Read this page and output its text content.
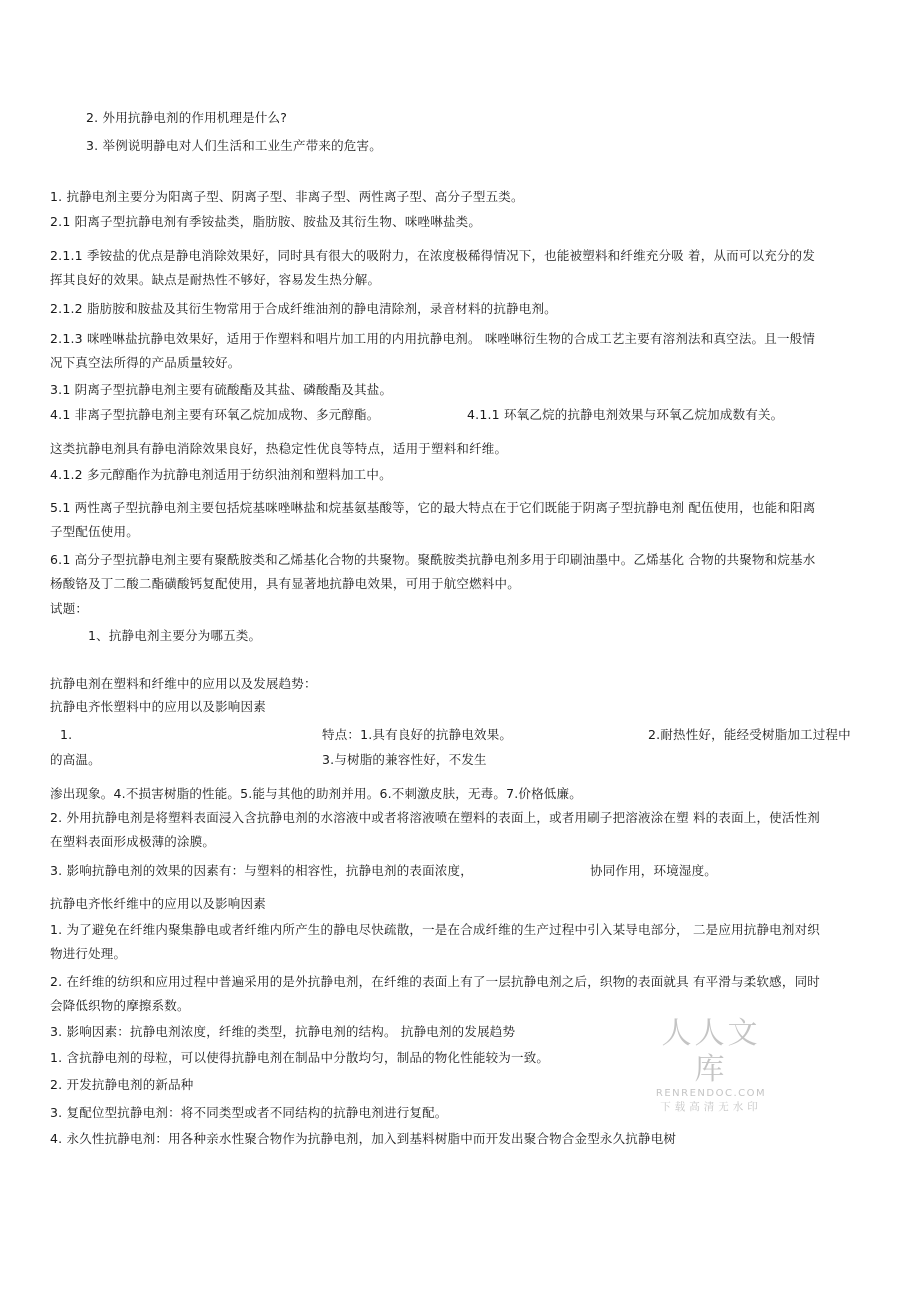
2. 外用抗静电剂的作用机理是什么?

3. 举例说明静电对人们生活和工业生产带来的危害。

1. 抗静电剂主要分为阳离子型、阴离子型、非离子型、两性离子型、高分子型五类。

2.1 阳离子型抗静电剂有季铵盐类，脂肪胺、胺盐及其衍生物、咪唑啉盐类。

2.1.1 季铵盐的优点是静电消除效果好，同时具有很大的吸附力，在浓度极稀得情况下，也能被塑料和纤维充分吸 着，从而可以充分的发

挥其良好的效果。缺点是耐热性不够好，容易发生热分解。

2.1.2 脂肪胺和胺盐及其衍生物常用于合成纤维油剂的静电清除剂，录音材料的抗静电剂。

2.1.3 咪唑啉盐抗静电效果好，适用于作塑料和唱片加工用的内用抗静电剂。 咪唑啉衍生物的合成工艺主要有溶剂法和真空法。且一般情

况下真空法所得的产品质量较好。

3.1 阴离子型抗静电剂主要有硫酸酯及其盐、磷酸酯及其盐。

4.1 非离子型抗静电剂主要有环氧乙烷加成物、多元醇酯。	4.1.1 环氧乙烷的抗静电剂效果与环氧乙烷加成数有关。

这类抗静电剂具有静电消除效果良好，热稳定性优良等特点，适用于塑料和纤维。

4.1.2 多元醇酯作为抗静电剂适用于纺织油剂和塑料加工中。

5.1 两性离子型抗静电剂主要包括烷基咪唑啉盐和烷基氨基酸等，它的最大特点在于它们既能于阴离子型抗静电剂 配伍使用，也能和阳离

子型配伍使用。

6.1 高分子型抗静电剂主要有聚酰胺类和乙烯基化合物的共聚物。聚酰胺类抗静电剂多用于印刷油墨中。乙烯基化 合物的共聚物和烷基水

杨酸铬及丁二酸二酯磺酸钙复配使用，具有显著地抗静电效果，可用于航空燃料中。

试题：

1、抗静电剂主要分为哪五类。

抗静电剂在塑料和纤维中的应用以及发展趋势：

抗静电齐怅塑料中的应用以及影响因素

1.	特点：1.具有良好的抗静电效果。	2.耐热性好，能经受树脂加工过程中

的高温。	3.与树脂的兼容性好，不发生

渗出现象。4.不损害树脂的性能。5.能与其他的助剂并用。6.不刺激皮肤，无毒。7.价格低廉。

2. 外用抗静电剂是将塑料表面浸入含抗静电剂的水溶液中或者将溶液喷在塑料的表面上，或者用刷子把溶液涂在塑 料的表面上，使活性剂

在塑料表面形成极薄的涂膜。

3. 影响抗静电剂的效果的因素有：与塑料的相容性，抗静电剂的表面浓度，	协同作用，环境湿度。

抗静电齐怅纤维中的应用以及影响因素

1. 为了避免在纤维内聚集静电或者纤维内所产生的静电尽快疏散，一是在合成纤维的生产过程中引入某导电部分， 二是应用抗静电剂对织

物进行处理。

2. 在纤维的纺织和应用过程中普遍采用的是外抗静电剂，在纤维的表面上有了一层抗静电剂之后，织物的表面就具 有平滑与柔软感，同时

会降低织物的摩擦系数。

3. 影响因素：抗静电剂浓度，纤维的类型，抗静电剂的结构。 抗静电剂的发展趋势

1. 含抗静电剂的母粒，可以使得抗静电剂在制品中分散均匀，制品的物化性能较为一致。

2. 开发抗静电剂的新品种

3. 复配位型抗静电剂：将不同类型或者不同结构的抗静电剂进行复配。

4. 永久性抗静电剂：用各种亲水性聚合物作为抗静电剂，加入到基料树脂中而开发出聚合物合金型永久抗静电树

人人文库
RENRENDOC.COM
下载高清无水印
